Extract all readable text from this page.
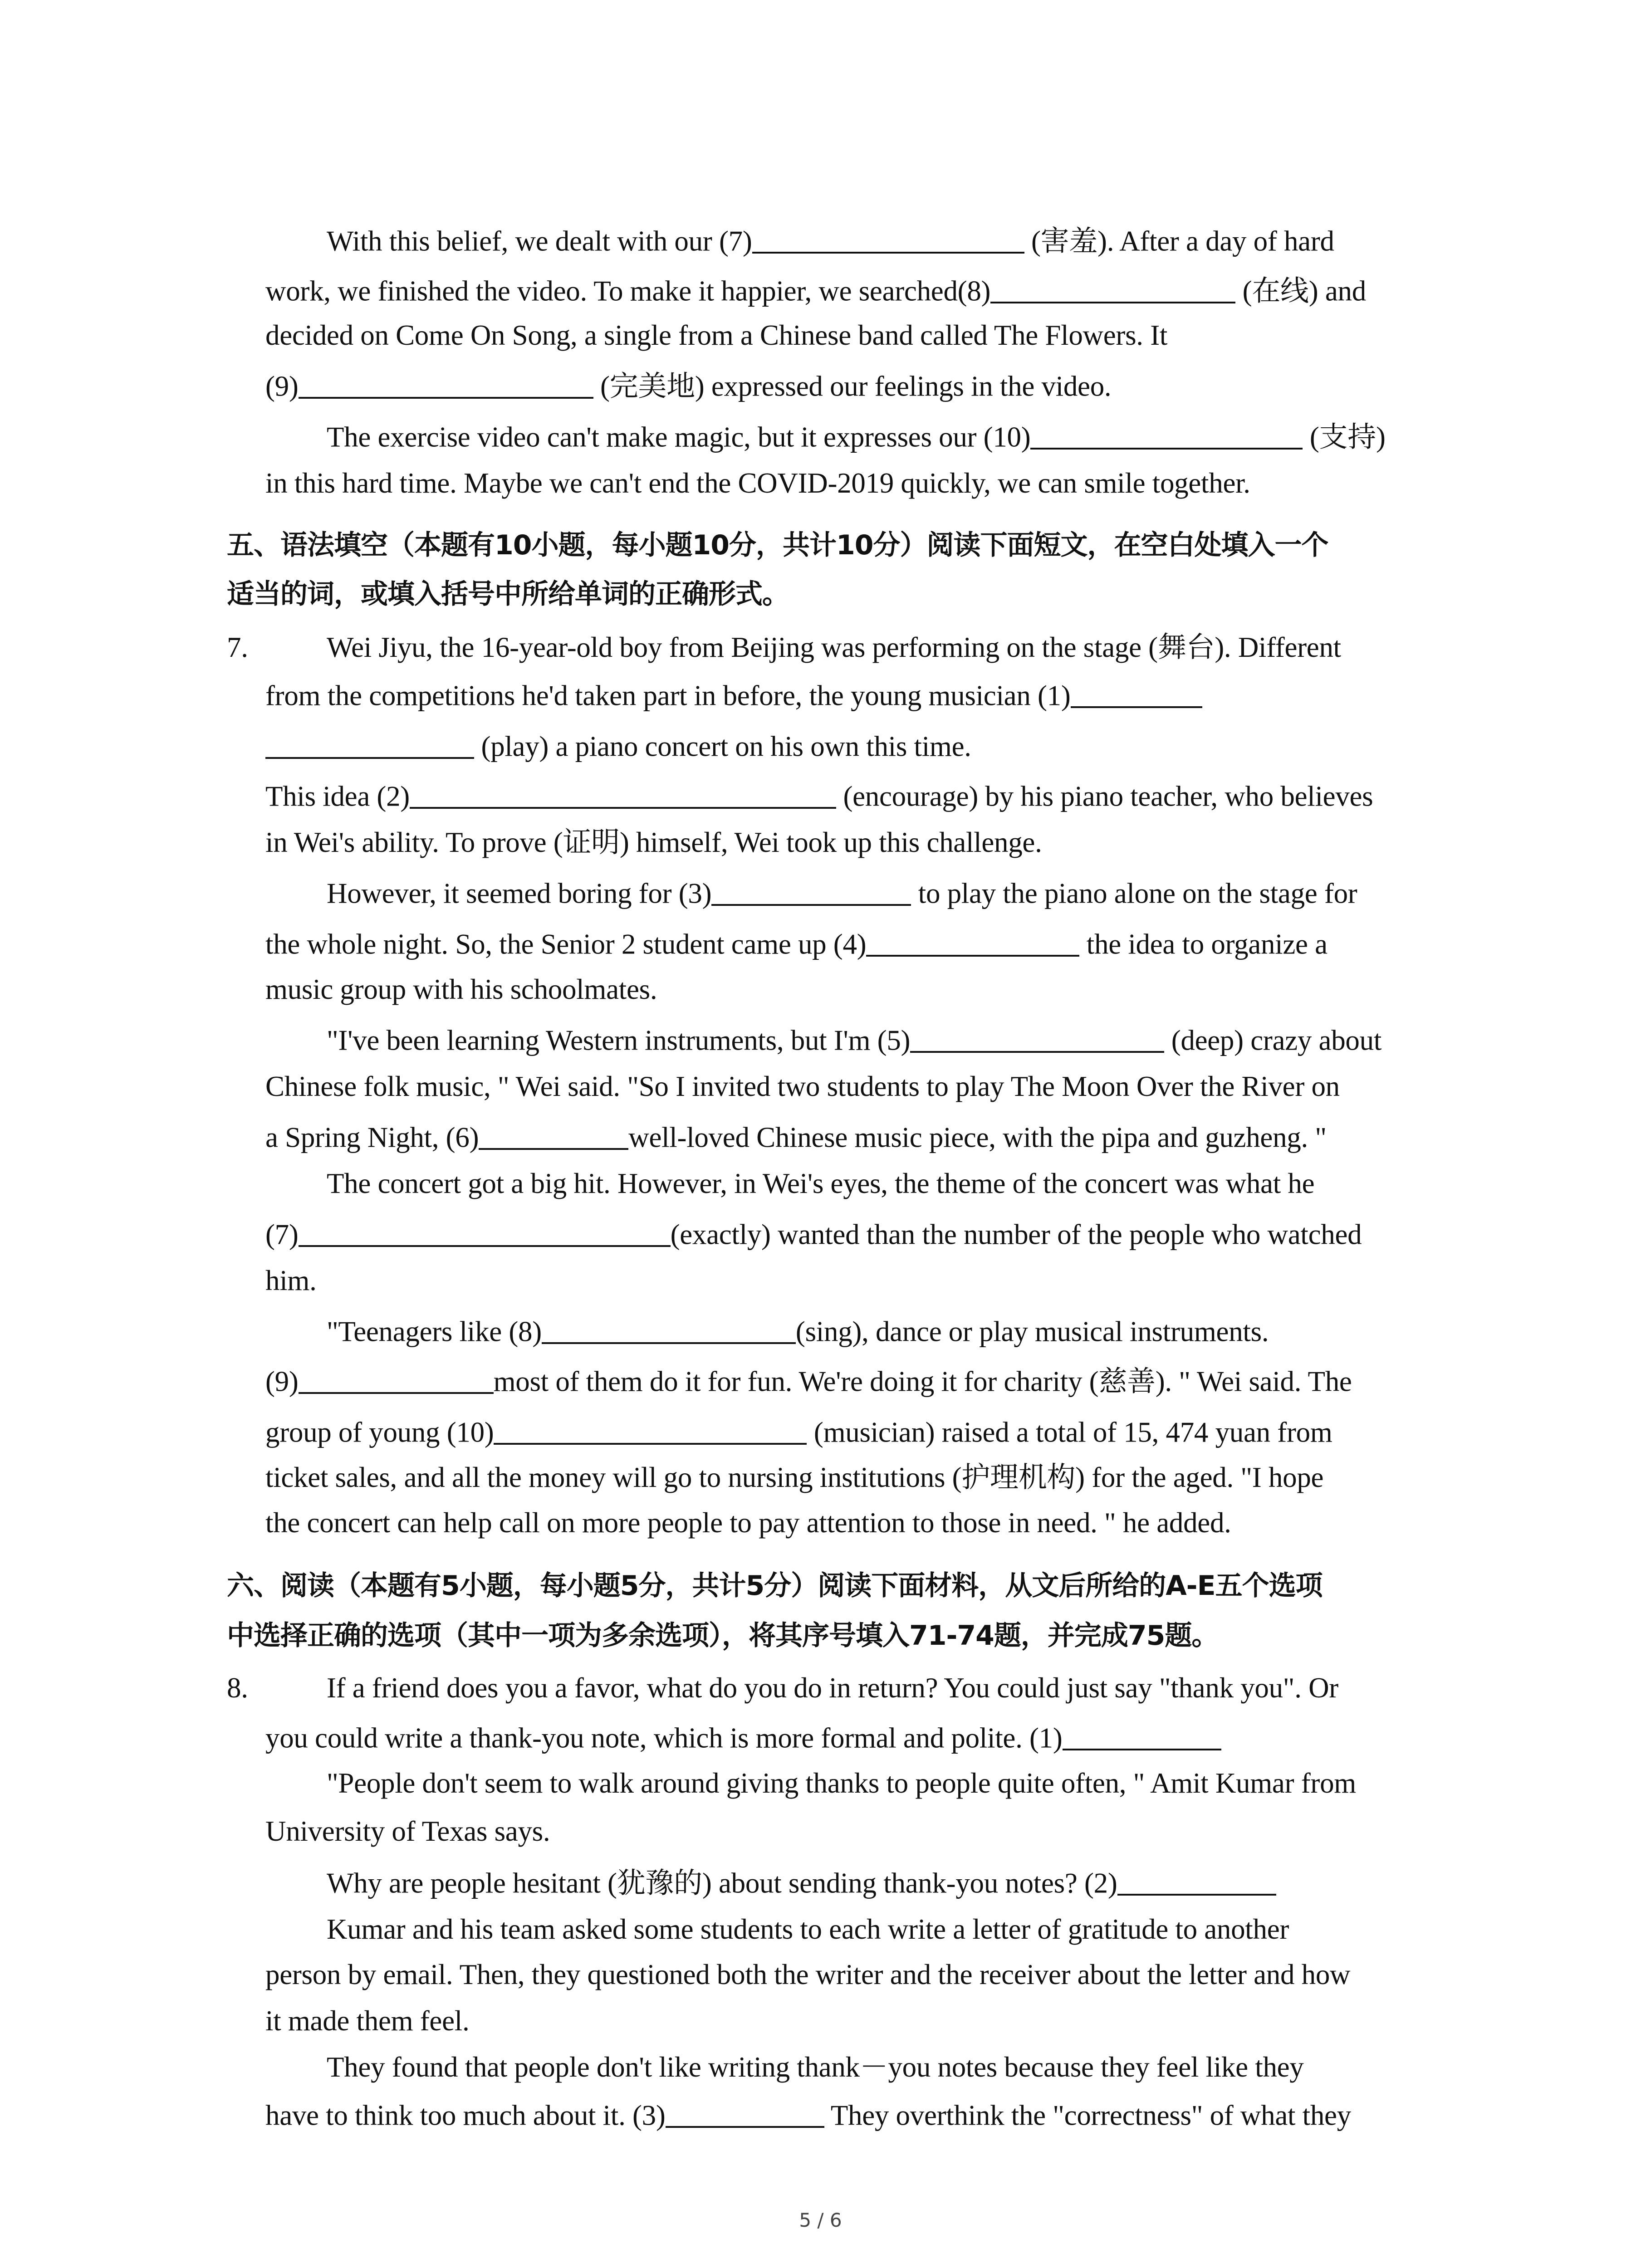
With this belief, we dealt with our (7)	(害羞). After a day of hard

work, we finished the video. To make it happier, we searched(8)	(在线) and

decided on Come On Song, a single from a Chinese band called The Flowers. It

(9)	(完美地) expressed our feelings in the video.

The exercise video can't make magic, but it expresses our (10)	(支持)

in this hard time. Maybe we can't end the COVID-2019 quickly, we can smile together.

五、语法填空（本题有10小题，每小题10分，共计10分）阅读下面短文，在空白处填入一个

适当的词，或填入括号中所给单词的正确形式。

7.	Wei Jiyu, the 16-year-old boy from Beijing was performing on the stage (舞台). Different

from the competitions he'd taken part in before, the young musician (1)

(play) a piano concert on his own this time.

This idea (2)	(encourage) by his piano teacher, who believes

in Wei's ability. To prove (证明) himself, Wei took up this challenge.

However, it seemed boring for (3)	to play the piano alone on the stage for

the whole night. So, the Senior 2 student came up (4)	the idea to organize a

music group with his schoolmates.

"I've been learning Western instruments, but I'm (5)	(deep) crazy about

Chinese folk music, " Wei said. "So I invited two students to play The Moon Over the River on

a Spring Night, (6)	well-loved Chinese music piece, with the pipa and guzheng. "

The concert got a big hit. However, in Wei's eyes, the theme of the concert was what he

(7)	(exactly) wanted than the number of the people who watched

him.

"Teenagers like (8)	(sing), dance or play musical instruments.

(9)	most of them do it for fun. We're doing it for charity (慈善). " Wei said. The

group of young (10)	(musician) raised a total of 15, 474 yuan from

ticket sales, and all the money will go to nursing institutions (护理机构) for the aged. "I hope

the concert can help call on more people to pay attention to those in need. " he added.

六、阅读（本题有5小题，每小题5分，共计5分）阅读下面材料，从文后所给的A-E五个选项

中选择正确的选项（其中一项为多余选项），将其序号填入71-74题，并完成75题。

8.	If a friend does you a favor, what do you do in return? You could just say "thank you". Or

you could write a thank-you note, which is more formal and polite. (1)

"People don't seem to walk around giving thanks to people quite often, " Amit Kumar from

University of Texas says.

Why are people hesitant (犹豫的) about sending thank-you notes? (2)

Kumar and his team asked some students to each write a letter of gratitude to another

person by email. Then, they questioned both the writer and the receiver about the letter and how

it made them feel.

They found that people don't like writing thank－you notes because they feel like they

have to think too much about it. (3)	They overthink the "correctness" of what they

5 / 6
